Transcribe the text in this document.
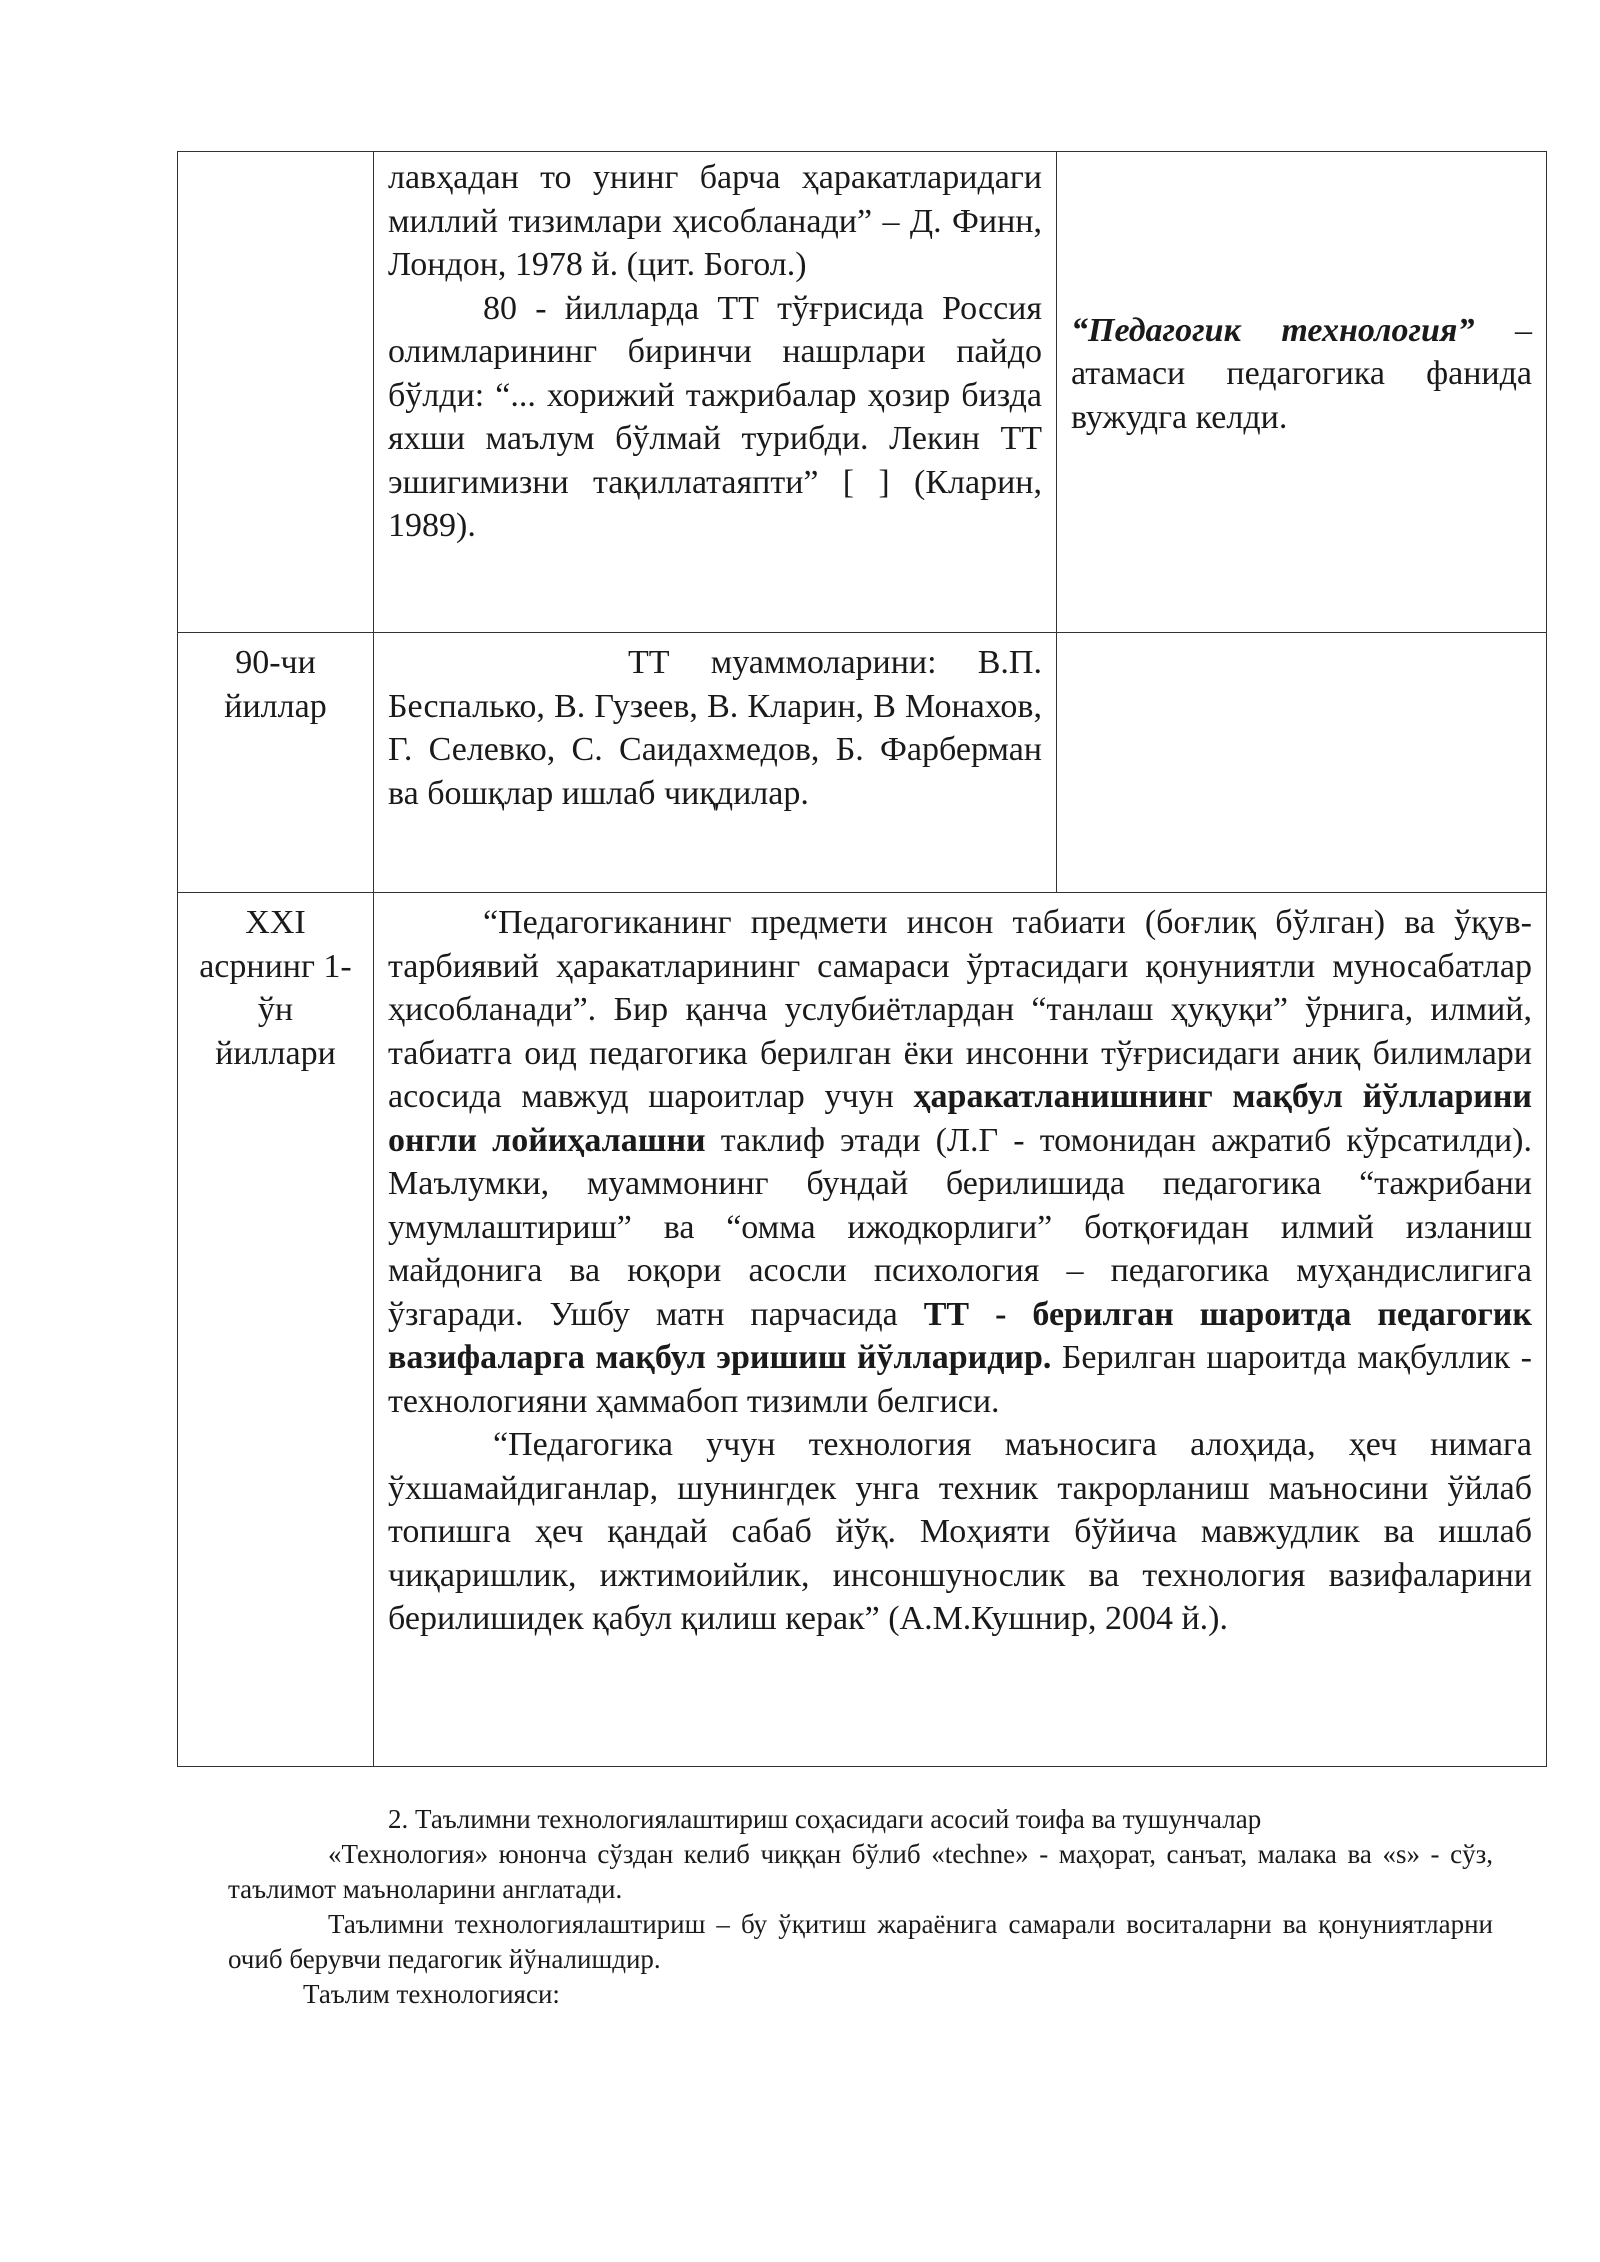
	лавҳадан то унинг барча ҳаракатларидаги миллий тизимлари ҳисобланади” – Д. Финн, Лондон, 1978 й. (цит. Богол.)

80 - йилларда ТТ тўғрисида Россия олимларининг биринчи нашрлари пайдо бўлди: “... хорижий тажрибалар ҳозир бизда яхши маълум бўлмай турибди. Лекин ТТ эшигимизни тақиллатаяпти” [ ] (Кларин, 1989).	“Педагогик технология” – атамаси педагогика фанида вужудга келди.

90-чи йиллар	ТТ муаммоларини: В.П. Беспалько, В. Гузеев, В. Кларин, В Монахов, Г. Селевко, С. Саидахмедов, Б. Фарберман ва бошқлар ишлаб чиқдилар.	

XXI асрнинг 1- ўн йиллари	“Педагогиканинг предмети инсон табиати (боғлиқ бўлган) ва ўқув-тарбиявий ҳаракатларининг самараси ўртасидаги қонуниятли муносабатлар ҳисобланади”. Бир қанча услубиётлардан “танлаш ҳуқуқи” ўрнига, илмий, табиатга оид педагогика берилган ёки инсонни тўғрисидаги аниқ билимлари асосида мавжуд шароитлар учун ҳаракатланишнинг мақбул йўлларини онгли лойиҳалашни таклиф этади (Л.Г - томонидан ажратиб кўрсатилди). Маълумки, муаммонинг бундай берилишида педагогика “тажрибани умумлаштириш” ва “омма ижодкорлиги” ботқоғидан илмий изланиш майдонига ва юқори асосли психология – педагогика муҳандислигига ўзгаради. Ушбу матн парчасида ТТ - берилган шароитда педагогик вазифаларга мақбул эришиш йўлларидир. Берилган шароитда мақбуллик - технологияни ҳаммабоп тизимли белгиси.

“Педагогика учун технология маъносига алоҳида, ҳеч нимага ўхшамайдиганлар, шунингдек унга техник такрорланиш маъносини ўйлаб топишга ҳеч қандай сабаб йўқ. Моҳияти бўйича мавжудлик ва ишлаб чиқаришлик, ижтимоийлик, инсоншунослик ва технология вазифаларини берилишидек қабул қилиш керак” (А.М.Кушнир, 2004 й.).	

2. Таълимни технологиялаштириш соҳасидаги асосий тоифа ва тушунчалар

«Технология» юнонча сўздан келиб чиққан бўлиб «techne» - маҳорат, санъат, малака ва «s» - сўз, таълимот маъноларини англатади.

Таълимни технологиялаштириш – бу ўқитиш жараёнига самарали воситаларни ва қонуниятларни очиб берувчи педагогик йўналишдир.

Таълим технологияси:
